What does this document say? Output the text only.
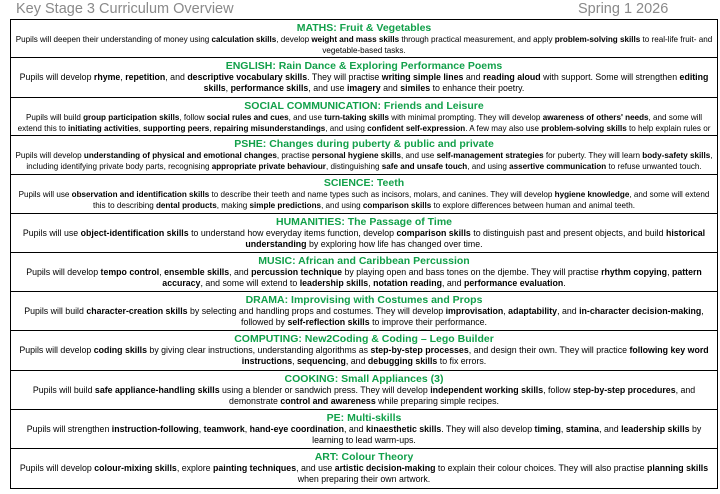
Key Stage 3 Curriculum Overview	Spring 1 2026
MATHS: Fruit & Vegetables
Pupils will deepen their understanding of money using calculation skills, develop weight and mass skills through practical measurement, and apply problem-solving skills to real-life fruit- and vegetable-based tasks.
ENGLISH: Rain Dance & Exploring Performance Poems
Pupils will develop rhyme, repetition, and descriptive vocabulary skills. They will practise writing simple lines and reading aloud with support. Some will strengthen editing skills, performance skills, and use imagery and similes to enhance their poetry.
SOCIAL COMMUNICATION: Friends and Leisure
Pupils will build group participation skills, follow social rules and cues, and use turn-taking skills with minimal prompting. They will develop awareness of others' needs, and some will extend this to initiating activities, supporting peers, repairing misunderstandings, and using confident self-expression. A few may also use problem-solving skills to help explain rules or
PSHE: Changes during puberty & public and private
Pupils will develop understanding of physical and emotional changes, practise personal hygiene skills, and use self-management strategies for puberty. They will learn body-safety skills, including identifying private body parts, recognising appropriate private behaviour, distinguishing safe and unsafe touch, and using assertive communication to refuse unwanted touch.
SCIENCE: Teeth
Pupils will use observation and identification skills to describe their teeth and name types such as incisors, molars, and canines. They will develop hygiene knowledge, and some will extend this to describing dental products, making simple predictions, and using comparison skills to explore differences between human and animal teeth.
HUMANITIES: The Passage of Time
Pupils will use object-identification skills to understand how everyday items function, develop comparison skills to distinguish past and present objects, and build historical understanding by exploring how life has changed over time.
MUSIC: African and Caribbean Percussion
Pupils will develop tempo control, ensemble skills, and percussion technique by playing open and bass tones on the djembe. They will practise rhythm copying, pattern accuracy, and some will extend to leadership skills, notation reading, and performance evaluation.
DRAMA: Improvising with Costumes and Props
Pupils will build character-creation skills by selecting and handling props and costumes. They will develop improvisation, adaptability, and in-character decision-making, followed by self-reflection skills to improve their performance.
COMPUTING: New2Coding & Coding – Lego Builder
Pupils will develop coding skills by giving clear instructions, understanding algorithms as step-by-step processes, and design their own. They will practice following key word instructions, sequencing, and debugging skills to fix errors.
COOKING: Small Appliances (3)
Pupils will build safe appliance-handling skills using a blender or sandwich press. They will develop independent working skills, follow step-by-step procedures, and demonstrate control and awareness while preparing simple recipes.
PE: Multi-skills
Pupils will strengthen instruction-following, teamwork, hand-eye coordination, and kinaesthetic skills. They will also develop timing, stamina, and leadership skills by learning to lead warm-ups.
ART: Colour Theory
Pupils will develop colour-mixing skills, explore painting techniques, and use artistic decision-making to explain their colour choices. They will also practise planning skills when preparing their own artwork.
